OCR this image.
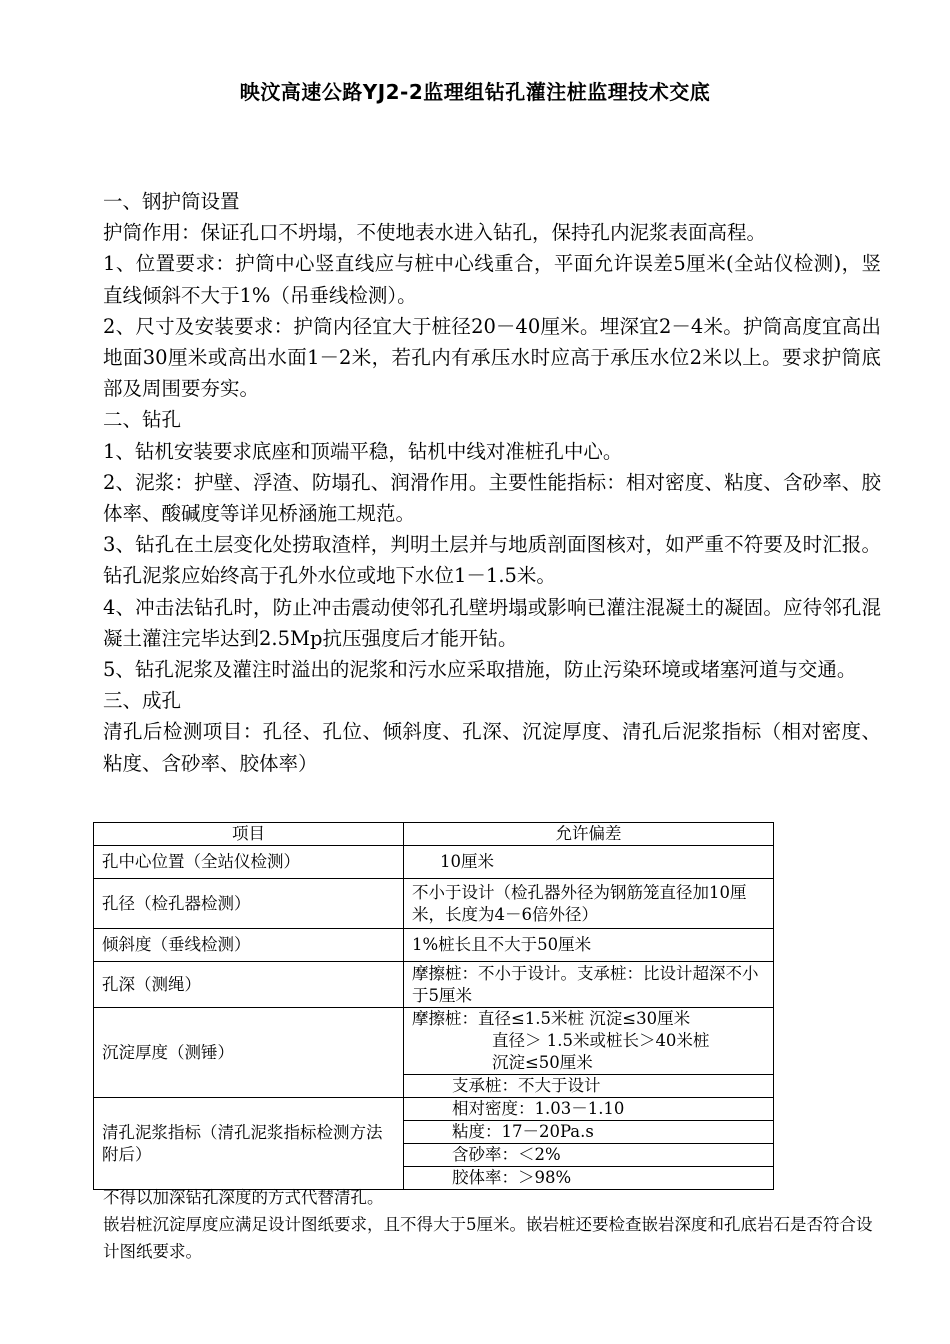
映汶高速公路YJ2-2监理组钻孔灌注桩监理技术交底

一、钢护筒设置

护筒作用：保证孔口不坍塌，不使地表水进入钻孔，保持孔内泥浆表面高程。

1、位置要求：护筒中心竖直线应与桩中心线重合，平面允许误差5厘米(全站仪检测)，竖直线倾斜不大于1%（吊垂线检测）。

2、尺寸及安装要求：护筒内径宜大于桩径20－40厘米。埋深宜2－4米。护筒高度宜高出地面30厘米或高出水面1－2米，若孔内有承压水时应高于承压水位2米以上。要求护筒底部及周围要夯实。

二、钻孔

1、钻机安装要求底座和顶端平稳，钻机中线对准桩孔中心。

2、泥浆：护壁、浮渣、防塌孔、润滑作用。主要性能指标：相对密度、粘度、含砂率、胶体率、酸碱度等详见桥涵施工规范。

3、钻孔在土层变化处捞取渣样，判明土层并与地质剖面图核对，如严重不符要及时汇报。钻孔泥浆应始终高于孔外水位或地下水位1－1.5米。

4、冲击法钻孔时，防止冲击震动使邻孔孔壁坍塌或影响已灌注混凝土的凝固。应待邻孔混凝土灌注完毕达到2.5Mp抗压强度后才能开钻。

5、钻孔泥浆及灌注时溢出的泥浆和污水应采取措施，防止污染环境或堵塞河道与交通。

三、成孔

清孔后检测项目：孔径、孔位、倾斜度、孔深、沉淀厚度、清孔后泥浆指标（相对密度、粘度、含砂率、胶体率）

项目	允许偏差
孔中心位置（全站仪检测）	10厘米
孔径（检孔器检测）	不小于设计（检孔器外径为钢筋笼直径加10厘米，长度为4－6倍外径）
倾斜度（垂线检测）	1%桩长且不大于50厘米
孔深（测绳）	摩擦桩：不小于设计。支承桩：比设计超深不小于5厘米
沉淀厚度（测锤）	摩擦桩：直径≤1.5米桩 沉淀≤30厘米
直径＞ 1.5米或桩长＞40米桩
沉淀≤50厘米

	支承桩：不大于设计
清孔泥浆指标（清孔泥浆指标检测方法附后）	相对密度：1.03－1.10
	粘度：17－20Pa.s
	含砂率：＜2%
	胶体率：＞98%

不得以加深钻孔深度的方式代替清孔。

嵌岩桩沉淀厚度应满足设计图纸要求，且不得大于5厘米。嵌岩桩还要检查嵌岩深度和孔底岩石是否符合设计图纸要求。
